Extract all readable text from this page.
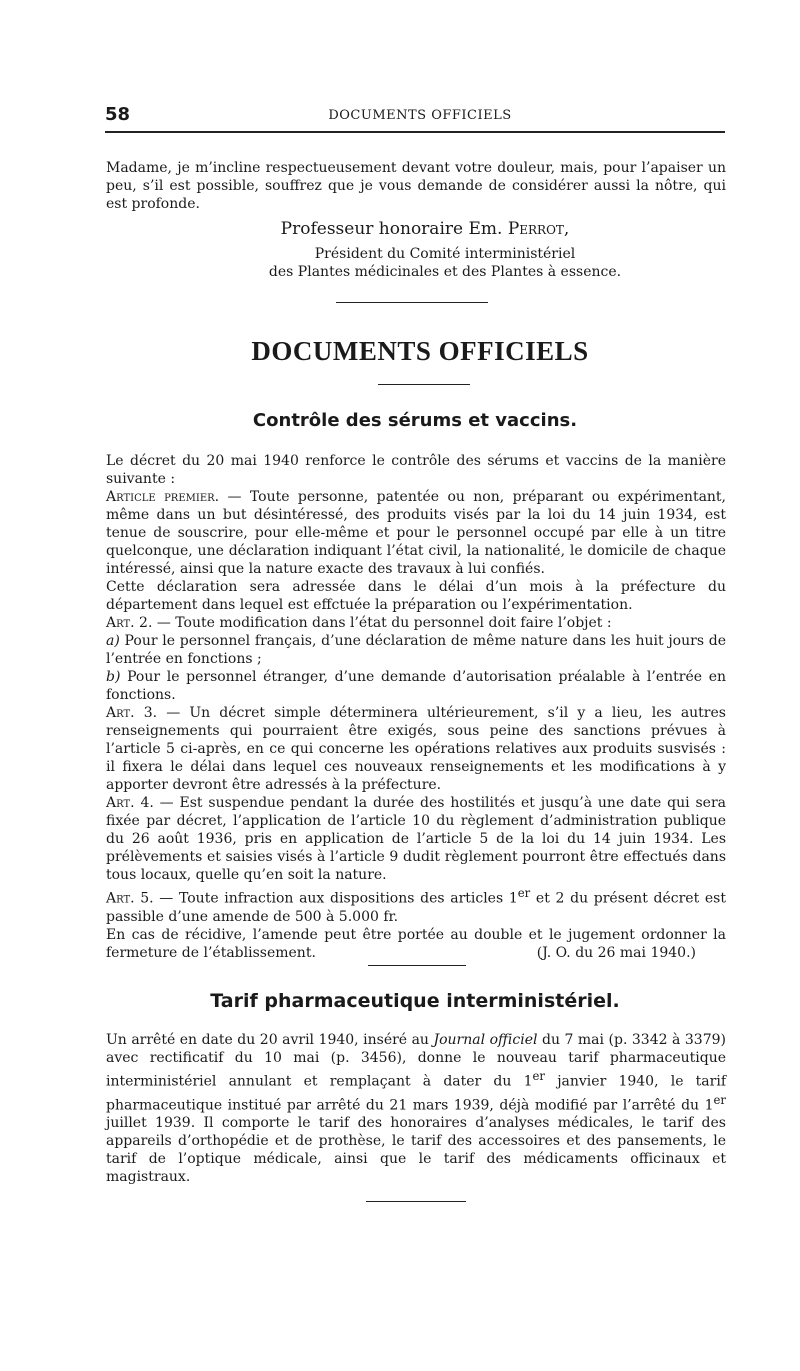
58	DOCUMENTS OFFICIELS

Madame, je m’incline respectueusement devant votre douleur, mais, pour l’apaiser un peu, s’il est possible, souffrez que je vous demande de considérer aussi la nôtre, qui est profonde.

Professeur honoraire Em. Perrot,
Président du Comité interministériel
des Plantes médicinales et des Plantes à essence.
DOCUMENTS OFFICIELS
Contrôle des sérums et vaccins.

Le décret du 20 mai 1940 renforce le contrôle des sérums et vaccins de la manière suivante :

Article premier. — Toute personne, patentée ou non, préparant ou expérimentant, même dans un but désintéressé, des produits visés par la loi du 14 juin 1934, est tenue de souscrire, pour elle-même et pour le personnel occupé par elle à un titre quelconque, une déclaration indiquant l’état civil, la nationalité, le domicile de chaque intéressé, ainsi que la nature exacte des travaux à lui confiés.

Cette déclaration sera adressée dans le délai d’un mois à la préfecture du département dans lequel est effctuée la préparation ou l’expérimentation.

Art. 2. — Toute modification dans l’état du personnel doit faire l’objet :

a) Pour le personnel français, d’une déclaration de même nature dans les huit jours de l’entrée en fonctions ;

b) Pour le personnel étranger, d’une demande d’autorisation préalable à l’entrée en fonctions.

Art. 3. — Un décret simple déterminera ultérieurement, s’il y a lieu, les autres renseignements qui pourraient être exigés, sous peine des sanctions prévues à l’article 5 ci-après, en ce qui concerne les opérations relatives aux produits susvisés : il fixera le délai dans lequel ces nouveaux renseignements et les modifications à y apporter devront être adressés à la préfecture.

Art. 4. — Est suspendue pendant la durée des hostilités et jusqu’à une date qui sera fixée par décret, l’application de l’article 10 du règlement d’administration publique du 26 août 1936, pris en application de l’article 5 de la loi du 14 juin 1934. Les prélèvements et saisies visés à l’article 9 dudit règlement pourront être effectués dans tous locaux, quelle qu’en soit la nature.

Art. 5. — Toute infraction aux dispositions des articles 1er et 2 du présent décret est passible d’une amende de 500 à 5.000 fr.

En cas de récidive, l’amende peut être portée au double et le jugement ordonner la fermeture de l’établissement.	(J. O. du 26 mai 1940.)

Tarif pharmaceutique interministériel.

Un arrêté en date du 20 avril 1940, inséré au Journal officiel du 7 mai (p. 3342 à 3379) avec rectificatif du 10 mai (p. 3456), donne le nouveau tarif pharmaceutique interministériel annulant et remplaçant à dater du 1er janvier 1940, le tarif pharmaceutique institué par arrêté du 21 mars 1939, déjà modifié par l’arrêté du 1er juillet 1939. Il comporte le tarif des honoraires d’analyses médicales, le tarif des appareils d’orthopédie et de prothèse, le tarif des accessoires et des pansements, le tarif de l’optique médicale, ainsi que le tarif des médicaments officinaux et magistraux.
